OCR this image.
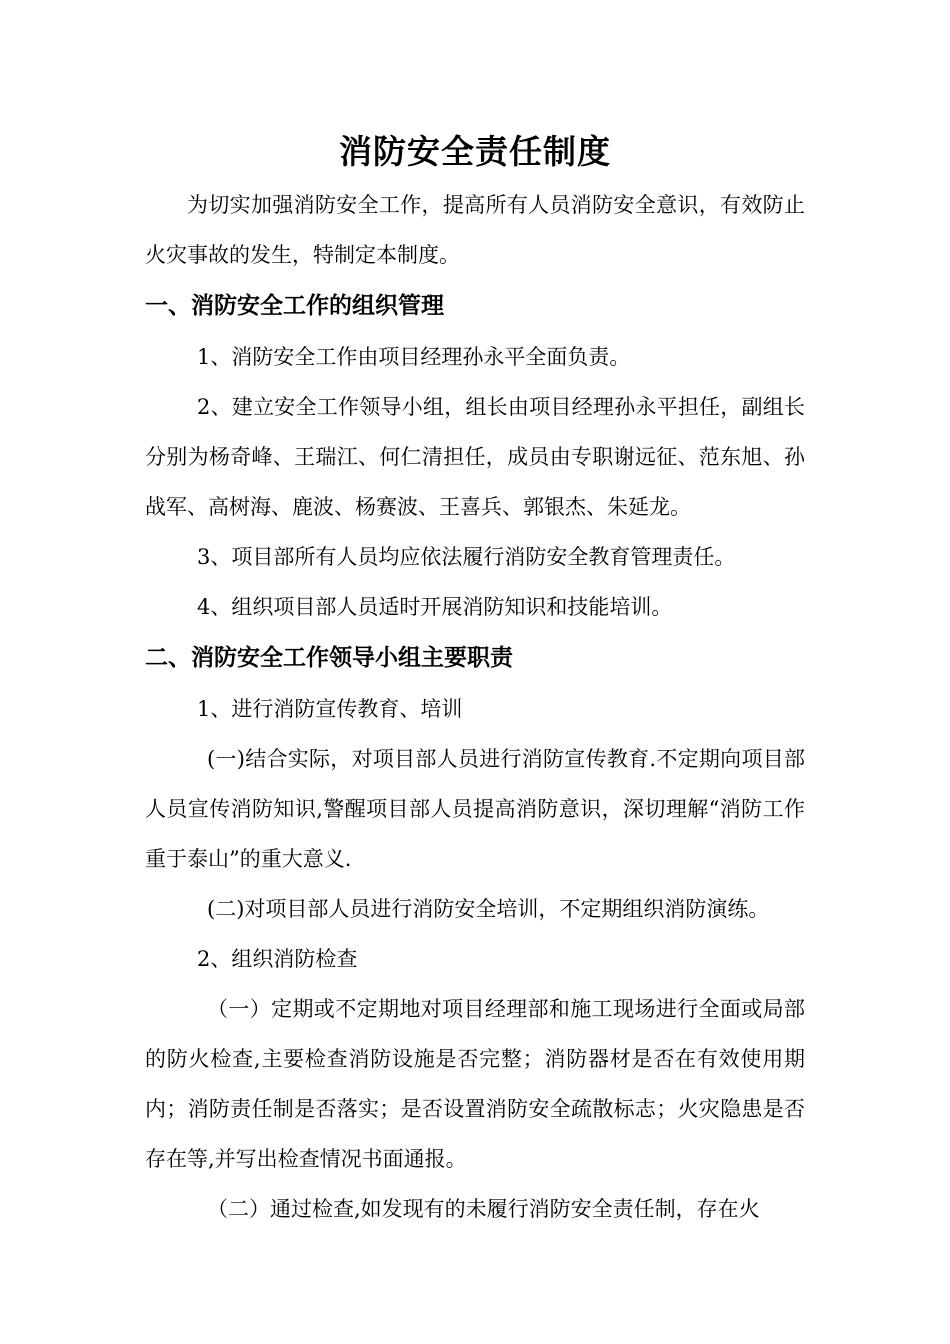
消防安全责任制度

为切实加强消防安全工作，提高所有人员消防安全意识，有效防止火灾事故的发生，特制定本制度。

一、消防安全工作的组织管理

1、消防安全工作由项目经理孙永平全面负责。

2、建立安全工作领导小组，组长由项目经理孙永平担任，副组长分别为杨奇峰、王瑞江、何仁清担任，成员由专职谢远征、范东旭、孙战军、高树海、鹿波、杨赛波、王喜兵、郭银杰、朱延龙。

3、项目部所有人员均应依法履行消防安全教育管理责任。

4、组织项目部人员适时开展消防知识和技能培训。

二、消防安全工作领导小组主要职责

1、进行消防宣传教育、培训

(一)结合实际，对项目部人员进行消防宣传教育.不定期向项目部人员宣传消防知识,警醒项目部人员提高消防意识，深切理解“消防工作重于泰山”的重大意义.

(二)对项目部人员进行消防安全培训，不定期组织消防演练。

2、组织消防检查

（一）定期或不定期地对项目经理部和施工现场进行全面或局部的防火检查,主要检查消防设施是否完整；消防器材是否在有效使用期内；消防责任制是否落实；是否设置消防安全疏散标志；火灾隐患是否存在等,并写出检查情况书面通报。

（二）通过检查,如发现有的未履行消防安全责任制，存在火
